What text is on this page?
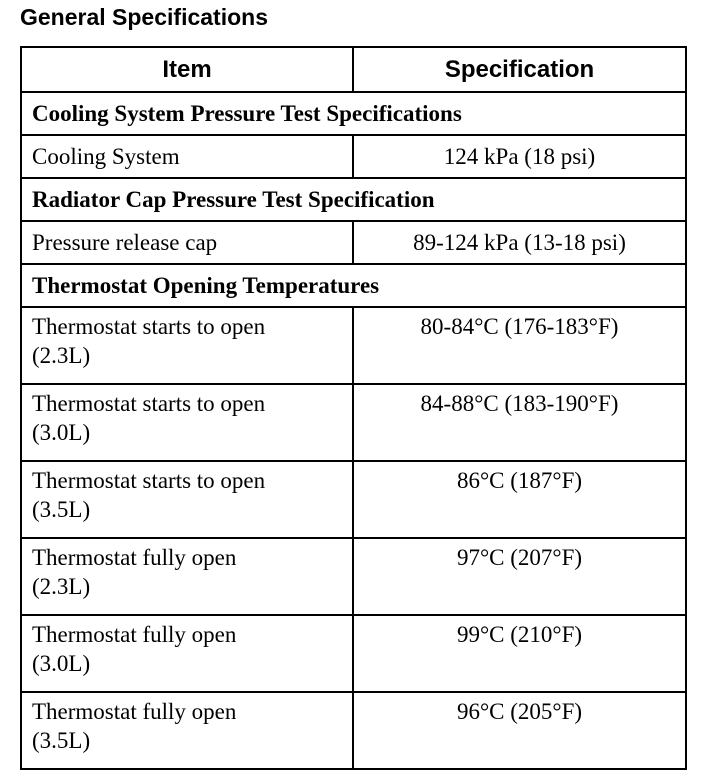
General Specifications
Item	Specification
Cooling System Pressure Test Specifications	

Cooling System	124 kPa (18 psi)
Radiator Cap Pressure Test Specification	

Pressure release cap	89-124 kPa (13-18 psi)
Thermostat Opening Temperatures	

Thermostat starts to open
(2.3L)	80-84°C (176-183°F)

Thermostat starts to open
(3.0L)	84-88°C (183-190°F)

Thermostat starts to open
(3.5L)	86°C (187°F)

Thermostat fully open
(2.3L)	97°C (207°F)

Thermostat fully open
(3.0L)	99°C (210°F)

Thermostat fully open
(3.5L)	96°C (205°F)
